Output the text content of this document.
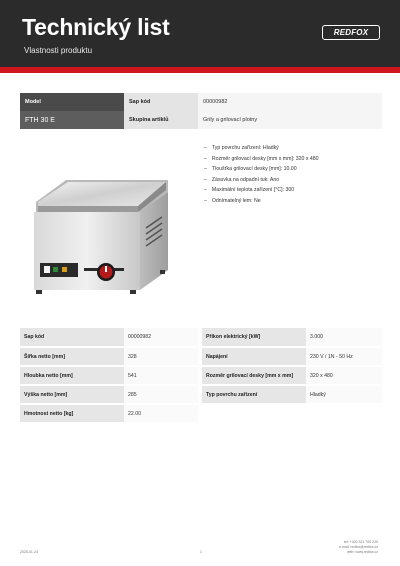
Technický list
Vlastnosti produktu
REDFOX
Model	Sap kód	00000982
FTH 30 E	Skupina artiklů	Grily a grilovací plotny
– Typ povrchu zařízení: Hladký
– Rozměr grilovací desky [mm x mm]: 320 x 480
– Tloušťka grilovací desky [mm]: 10.00
– Zásuvka na odpadní tuk: Ano
– Maximální teplota zařízení [°C]: 300
– Odnímatelný lem: Ne
Sap kód	00000982		Příkon elektrický [kW]	3.000
Šířka netto [mm]	328		Napájení	230 V / 1N - 50 Hz
Hloubka netto [mm]	541		Rozměr grilovací desky [mm x mm]	320 x 480
Výška netto [mm]	285		Typ povrchu zařízení	Hladký
Hmotnost netto [kg]	22.00			
tel: +420 321 700 220
e-mail: redfox@redfox.cz
web: www.redfox.cz
2025-01-24	1
